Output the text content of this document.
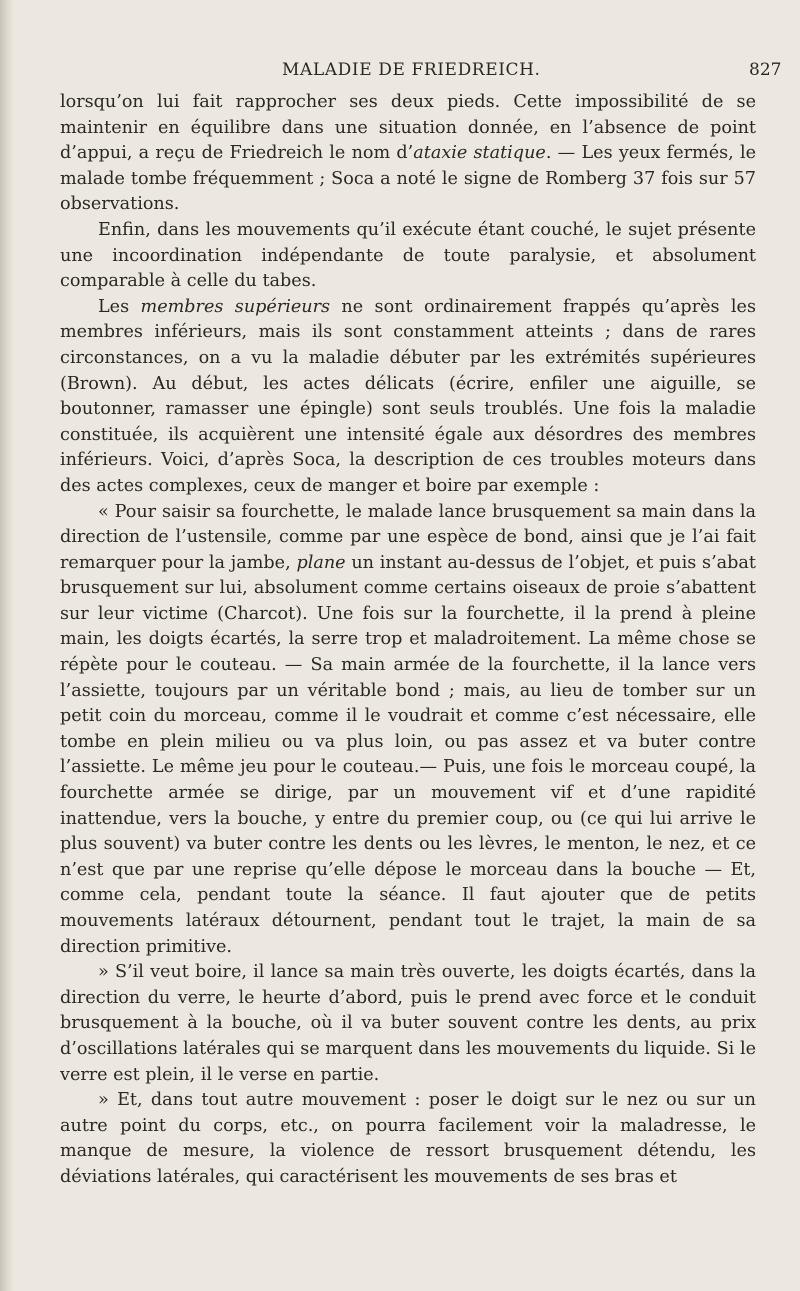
MALADIE DE FRIEDREICH.	827

lorsqu’on lui fait rapprocher ses deux pieds. Cette impossibilité de se maintenir en équilibre dans une situation donnée, en l’absence de point d’appui, a reçu de Friedreich le nom d’ataxie statique. — Les yeux fermés, le malade tombe fréquemment ; Soca a noté le signe de Romberg 37 fois sur 57 observations.

Enfin, dans les mouvements qu’il exécute étant couché, le sujet présente une incoordination indépendante de toute paralysie, et absolument comparable à celle du tabes.

Les membres supérieurs ne sont ordinairement frappés qu’après les membres inférieurs, mais ils sont constamment atteints ; dans de rares circonstances, on a vu la maladie débuter par les extrémités supérieures (Brown). Au début, les actes délicats (écrire, enfiler une aiguille, se boutonner, ramasser une épingle) sont seuls troublés. Une fois la maladie constituée, ils acquièrent une intensité égale aux désordres des membres inférieurs. Voici, d’après Soca, la description de ces troubles moteurs dans des actes complexes, ceux de manger et boire par exemple :

« Pour saisir sa fourchette, le malade lance brusquement sa main dans la direction de l’ustensile, comme par une espèce de bond, ainsi que je l’ai fait remarquer pour la jambe, plane un instant au-dessus de l’objet, et puis s’abat brusquement sur lui, absolument comme certains oiseaux de proie s’abattent sur leur victime (Charcot). Une fois sur la fourchette, il la prend à pleine main, les doigts écartés, la serre trop et maladroitement. La même chose se répète pour le couteau. — Sa main armée de la fourchette, il la lance vers l’assiette, toujours par un véritable bond ; mais, au lieu de tomber sur un petit coin du morceau, comme il le voudrait et comme c’est nécessaire, elle tombe en plein milieu ou va plus loin, ou pas assez et va buter contre l’assiette. Le même jeu pour le couteau.— Puis, une fois le morceau coupé, la fourchette armée se dirige, par un mouvement vif et d’une rapidité inattendue, vers la bouche, y entre du premier coup, ou (ce qui lui arrive le plus souvent) va buter contre les dents ou les lèvres, le menton, le nez, et ce n’est que par une reprise qu’elle dépose le morceau dans la bouche — Et, comme cela, pendant toute la séance. Il faut ajouter que de petits mouvements latéraux détournent, pendant tout le trajet, la main de sa direction primitive.

» S’il veut boire, il lance sa main très ouverte, les doigts écartés, dans la direction du verre, le heurte d’abord, puis le prend avec force et le conduit brusquement à la bouche, où il va buter souvent contre les dents, au prix d’oscillations latérales qui se marquent dans les mouvements du liquide. Si le verre est plein, il le verse en partie.

» Et, dans tout autre mouvement : poser le doigt sur le nez ou sur un autre point du corps, etc., on pourra facilement voir la maladresse, le manque de mesure, la violence de ressort brusquement détendu, les déviations latérales, qui caractérisent les mouvements de ses bras et
